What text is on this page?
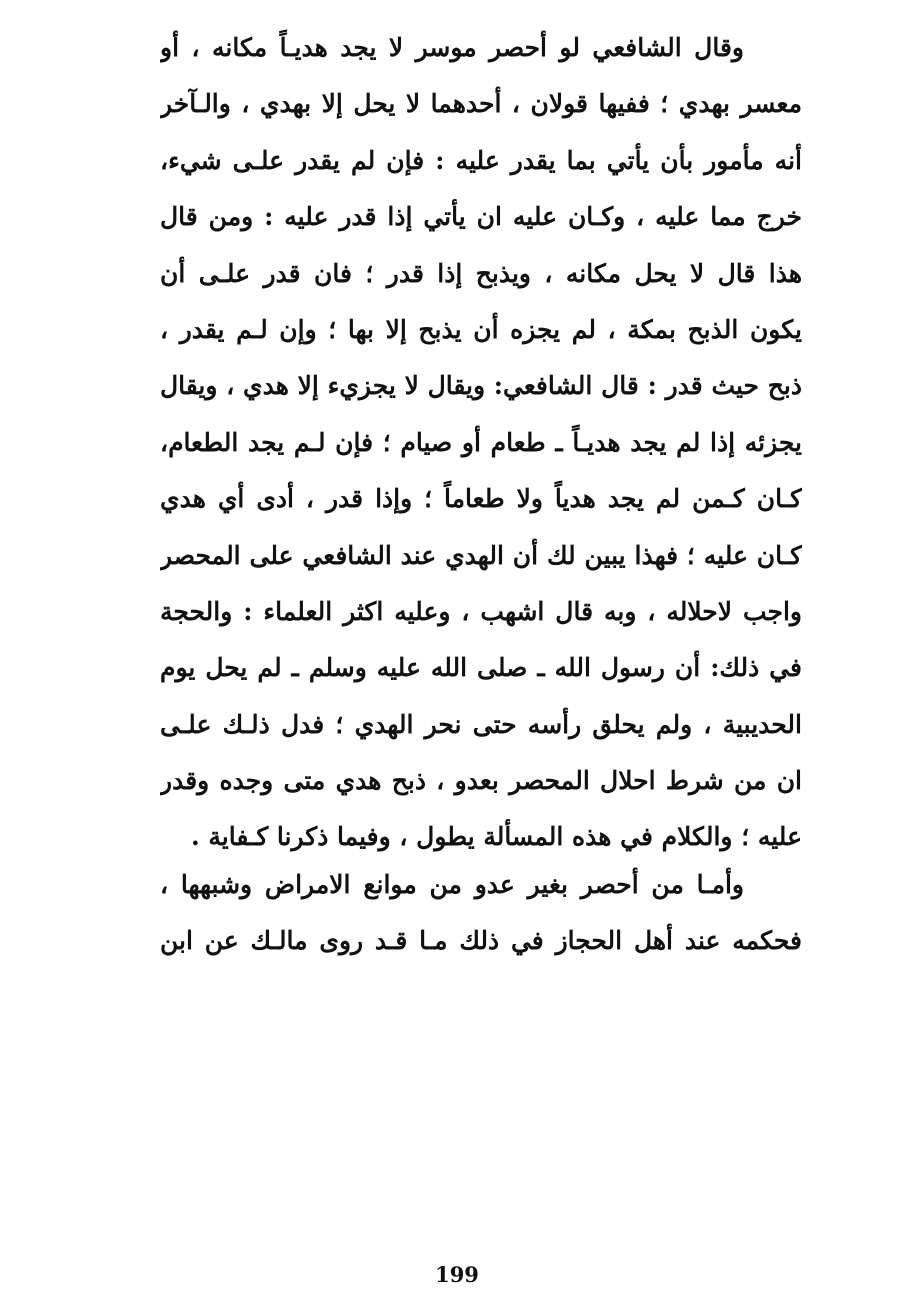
وقال الشافعي لو أحصر موسر لا يجد هديـاً مكانه ، أو
معسر بهدي ؛ ففيها قولان ، أحدهما لا يحل إلا بهدي ، والـآخر
أنه مأمور بأن يأتي بما يقدر عليه : فإن لم يقدر علـى شيء،
خرج مما عليه ، وكـان عليه ان يأتي إذا قدر عليه : ومن قال
هذا قال لا يحل مكانه ، ويذبح إذا قدر ؛ فان قدر علـى أن
يكون الذبح بمكة ، لم يجزه أن يذبح إلا بها ؛ وإن لـم يقدر ،
ذبح حيث قدر : قال الشافعي: ويقال لا يجزيء إلا هدي ، ويقال
يجزئه إذا لم يجد هديـاً ـ طعام أو صيام ؛ فإن لـم يجد الطعام،
كـان كـمن لم يجد هدياً ولا طعاماً ؛ وإذا قدر ، أدى أي هدي
كـان عليه ؛ فهذا يبين لك أن الهدي عند الشافعي على المحصر
واجب لاحلاله ، وبه قال اشهب ، وعليه اكثر العلماء : والحجة
في ذلك: أن رسول الله ـ صلى الله عليه وسلم ـ لم يحل يوم
الحديبية ، ولم يحلق رأسه حتى نحر الهدي ؛ فدل ذلـك علـى
ان من شرط احلال المحصر بعدو ، ذبح هدي متى وجده وقدر
عليه ؛ والكلام في هذه المسألة يطول ، وفيما ذكرنا كـفاية .
وأمـا من أحصر بغير عدو من موانع الامراض وشبهها ،
فحكمه عند أهل الحجاز في ذلك مـا قـد روى مالـك عن ابن
199
